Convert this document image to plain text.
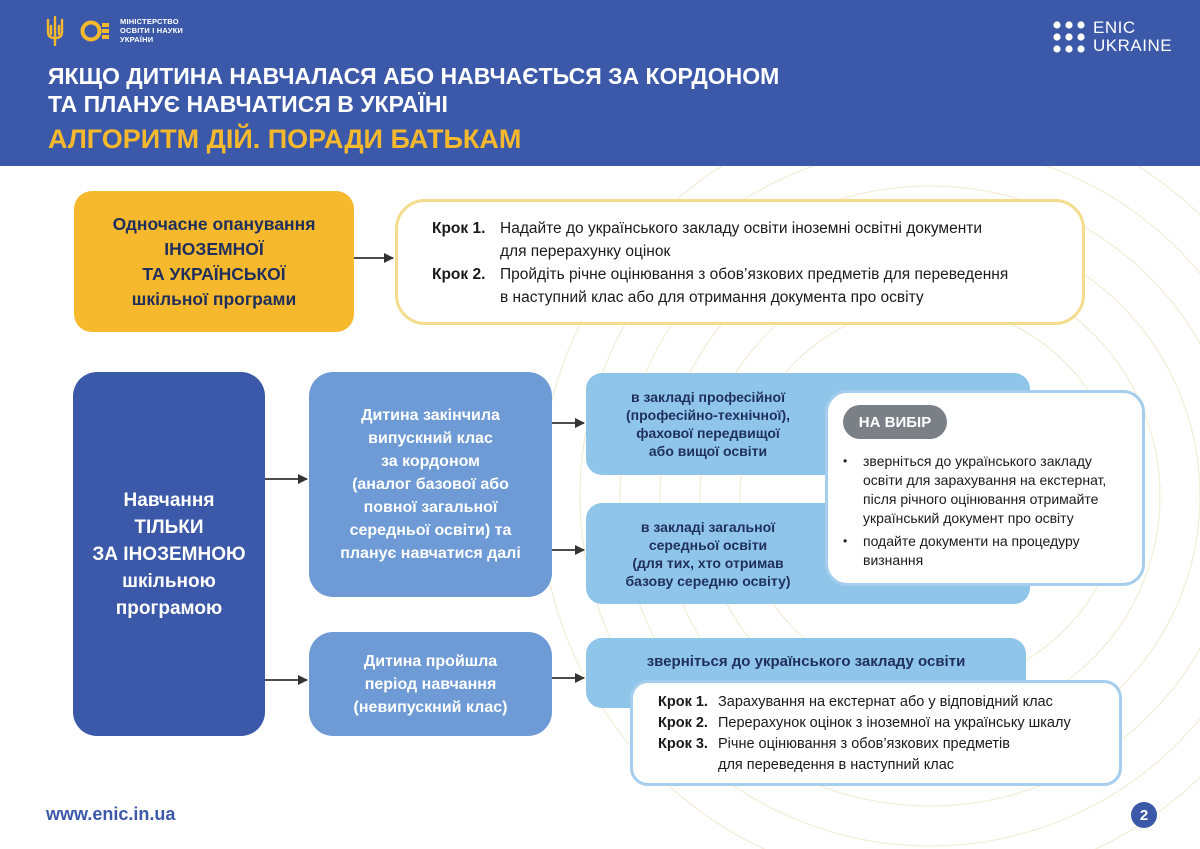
МІНІСТЕРСТВО
ОСВІТИ І НАУКИ
УКРАЇНИ
ENIC
UKRAINE
ЯКЩО ДИТИНА НАВЧАЛАСЯ АБО НАВЧАЄТЬСЯ ЗА КОРДОНОМ
ТА ПЛАНУЄ НАВЧАТИСЯ В УКРАЇНІ
АЛГОРИТМ ДІЙ. ПОРАДИ БАТЬКАМ
Одночасне опанування
ІНОЗЕМНОЇ
ТА УКРАЇНСЬКОЇ
шкільної програми
Крок 1. Надайте до українського закладу освіти іноземні освітні документи
для перерахунку оцінок
Крок 2. Пройдіть річне оцінювання з обов’язкових предметів для переведення
в наступний клас або для отримання документа про освіту
Навчання
ТІЛЬКИ
ЗА ІНОЗЕМНОЮ
шкільною
програмою
Дитина закінчила
випускний клас
за кордоном
(аналог базової або
повної загальної
середньої освіти) та
планує навчатися далі
Дитина пройшла
період навчання
(невипускний клас)
в закладі професійної
(професійно-технічної),
фахової передвищої
або вищої освіти
в закладі загальної
середньої освіти
(для тих, хто отримав
базову середню освіту)
НА ВИБІР
•	зверніться до українського закладу
освіти для зарахування на екстернат,
після річного оцінювання отримайте
український документ про освіту
•	подайте документи на процедуру
визнання
зверніться до українського закладу освіти
Крок 1. Зарахування на екстернат або у відповідний клас
Крок 2. Перерахунок оцінок з іноземної на українську шкалу
Крок 3. Річне оцінювання з обов’язкових предметів
для переведення в наступний клас
www.enic.in.ua	2
